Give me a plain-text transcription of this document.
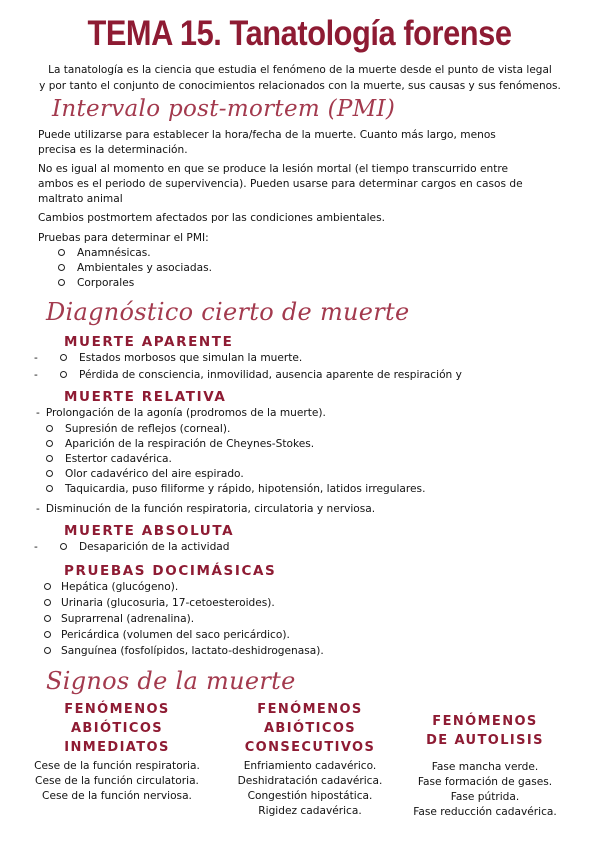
TEMA 15. Tanatología forense

La tanatología es la ciencia que estudia el fenómeno de la muerte desde el punto de vista legal

y por tanto el conjunto de conocimientos relacionados con la muerte, sus causas y sus fenómenos.

Intervalo post-mortem (PMI)
Puede utilizarse para establecer la hora/fecha de la muerte. Cuanto más largo, menos
precisa es la determinación.
No es igual al momento en que se produce la lesión mortal (el tiempo transcurrido entre
ambos es el periodo de supervivencia). Pueden usarse para determinar cargos en casos de
maltrato animal
Cambios postmortem afectados por las condiciones ambientales.
Pruebas para determinar el PMI:
Anamnésicas.
Ambientales y asociadas.
Corporales
Diagnóstico cierto de muerte
MUERTE APARENTE
-	Estados morbosos que simulan la muerte.
-	Pérdida de consciencia, inmovilidad, ausencia aparente de respiración y
MUERTE RELATIVA
- Prolongación de la agonía (prodromos de la muerte).
Supresión de reflejos (corneal).
Aparición de la respiración de Cheynes-Stokes.
Estertor cadavérica.
Olor cadavérico del aire espirado.
Taquicardia, puso filiforme y rápido, hipotensión, latidos irregulares.
- Disminución de la función respiratoria, circulatoria y nerviosa.
MUERTE ABSOLUTA
-	Desaparición de la actividad
PRUEBAS DOCIMÁSICAS
Hepática (glucógeno).
Urinaria (glucosuria, 17-cetoesteroides).
Suprarrenal (adrenalina).
Pericárdica (volumen del saco pericárdico).
Sanguínea (fosfolípidos, lactato-deshidrogenasa).
Signos de la muerte
FENÓMENOS
ABIÓTICOS
INMEDIATOS
Cese de la función respiratoria.
Cese de la función circulatoria.
Cese de la función nerviosa.
FENÓMENOS
ABIÓTICOS
CONSECUTIVOS
Enfriamiento cadavérico.
Deshidratación cadavérica.
Congestión hipostática.
Rigidez cadavérica.
FENÓMENOS
DE AUTOLISIS
Fase mancha verde.
Fase formación de gases.
Fase pútrida.
Fase reducción cadavérica.
